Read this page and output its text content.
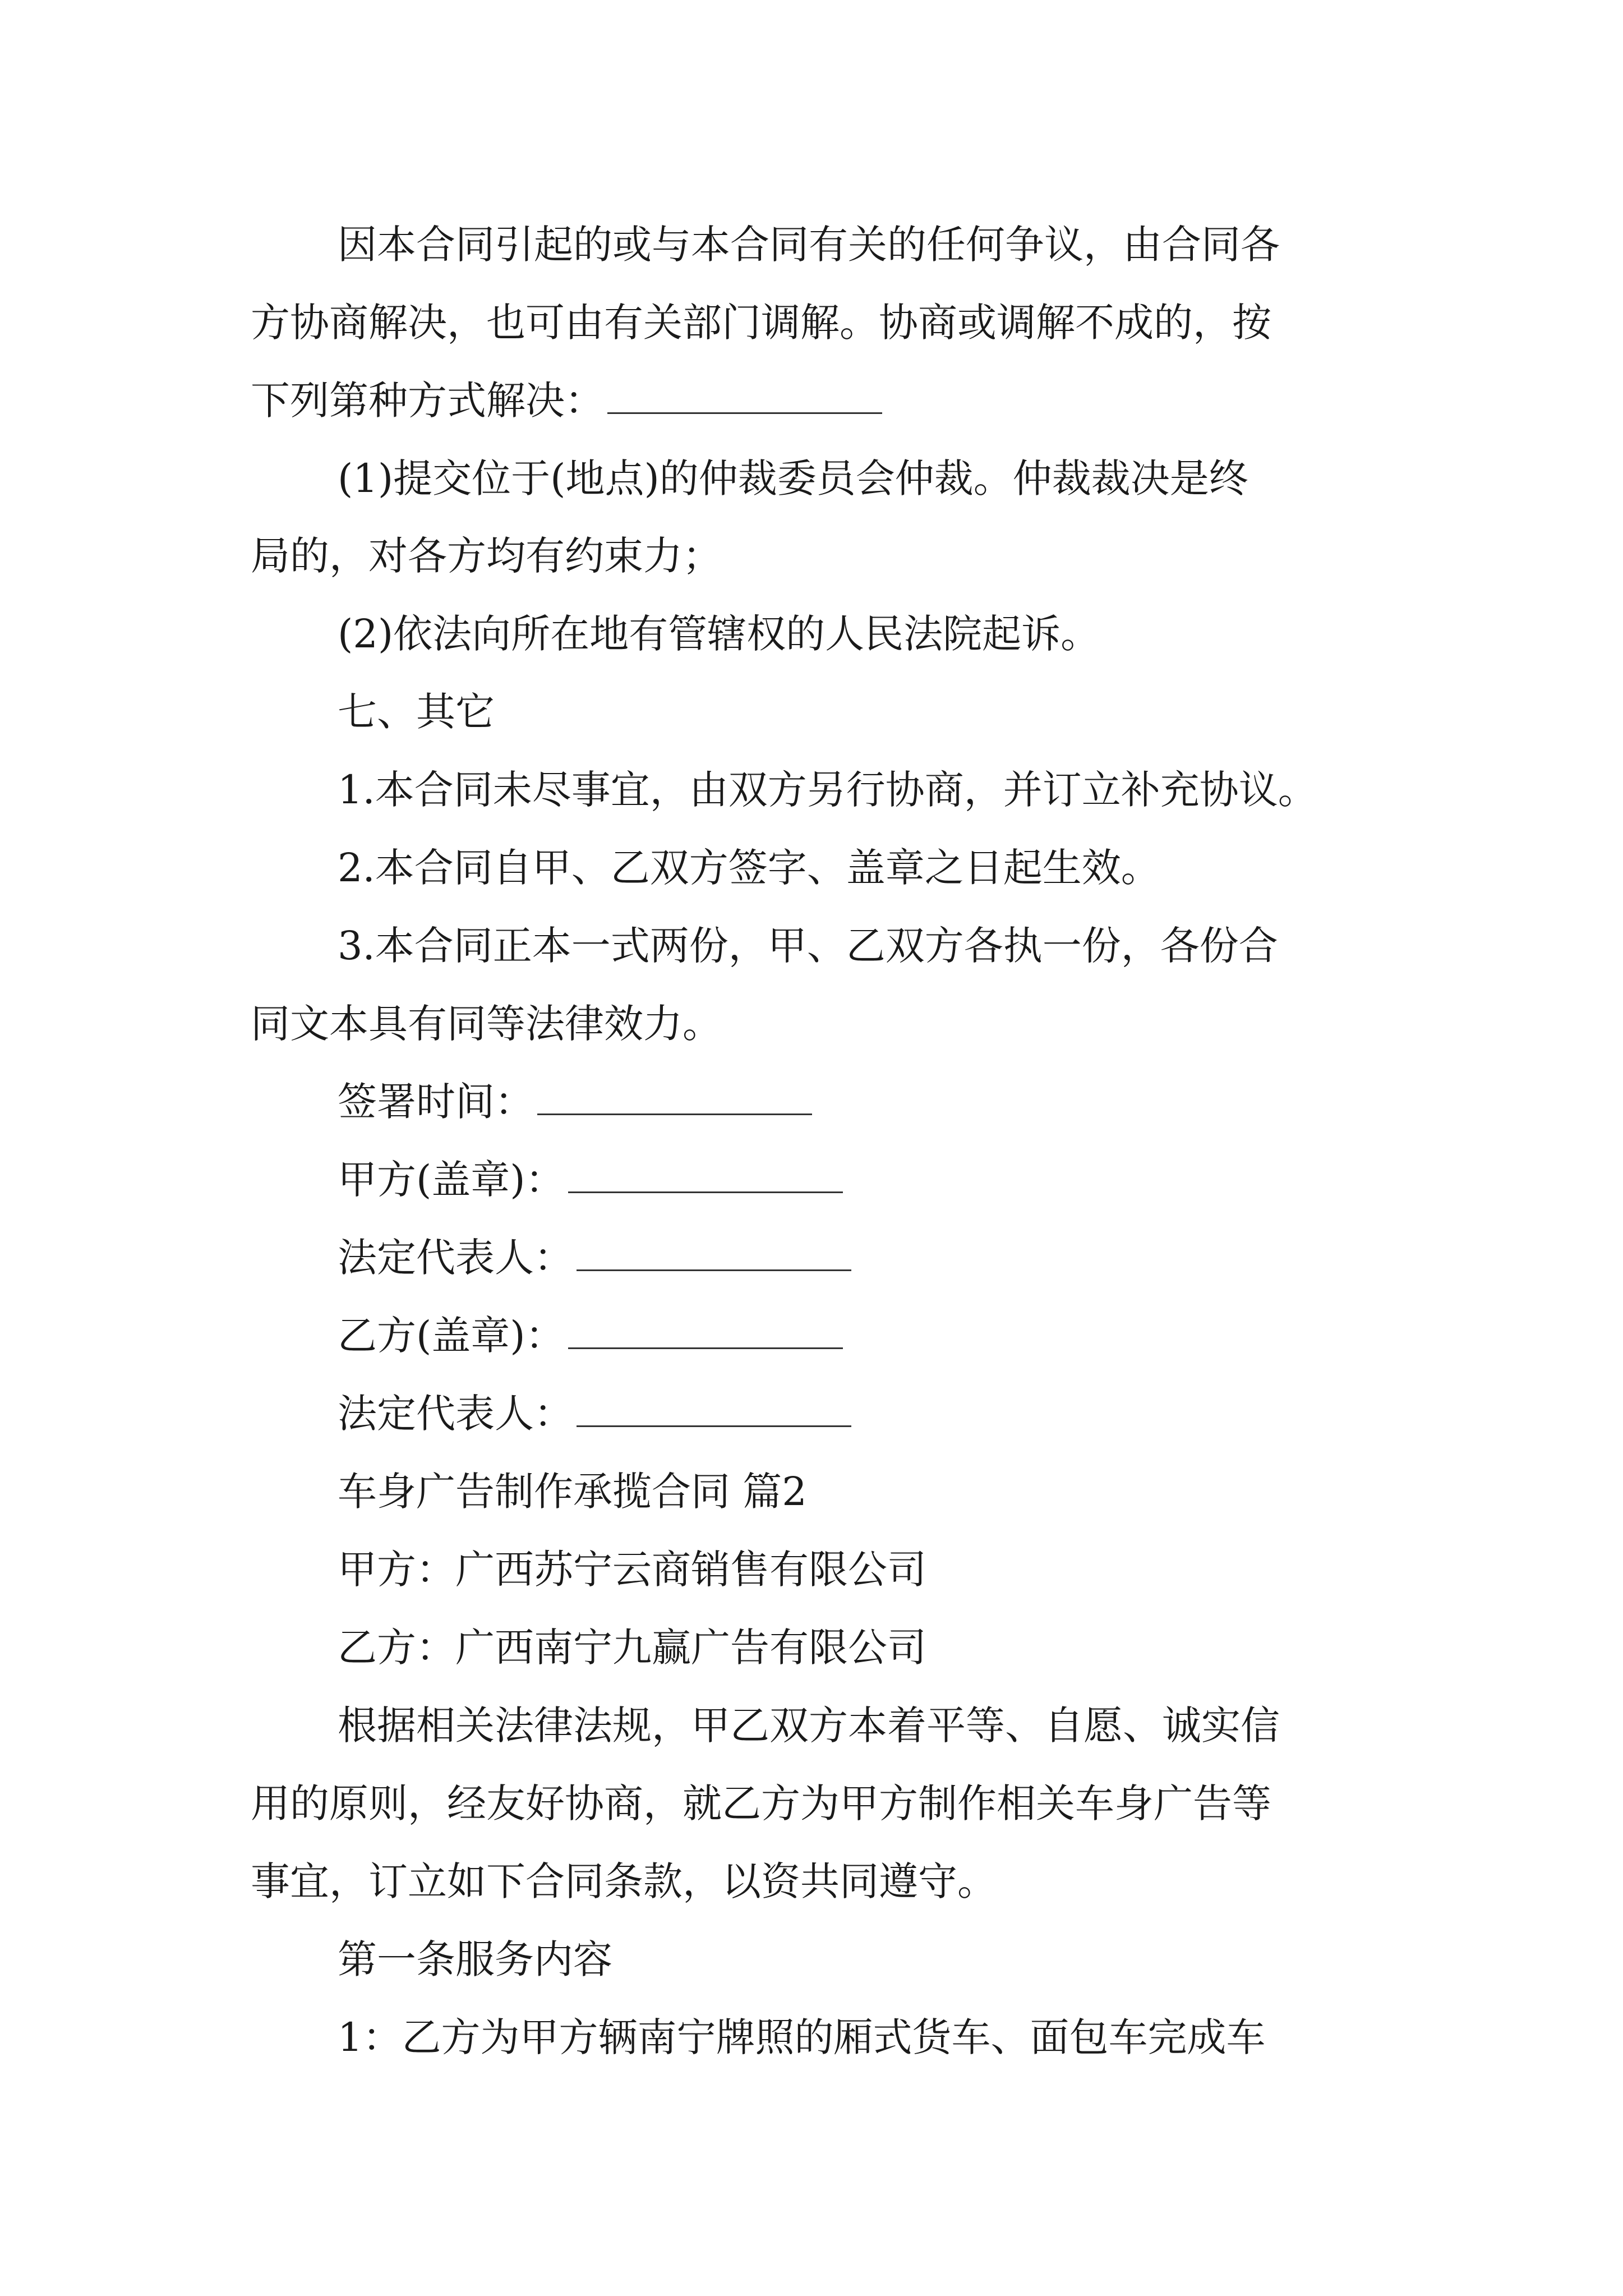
因本合同引起的或与本合同有关的任何争议，由合同各
方协商解决，也可由有关部门调解。协商或调解不成的，按
下列第种方式解决：
(1)提交位于(地点)的仲裁委员会仲裁。仲裁裁决是终
局的，对各方均有约束力；
(2)依法向所在地有管辖权的人民法院起诉。
七、其它
1.本合同未尽事宜，由双方另行协商，并订立补充协议。
2.本合同自甲、乙双方签字、盖章之日起生效。
3.本合同正本一式两份，甲、乙双方各执一份，各份合
同文本具有同等法律效力。
签署时间：
甲方(盖章)：
法定代表人：
乙方(盖章)：
法定代表人：
车身广告制作承揽合同 篇2
甲方：广西苏宁云商销售有限公司
乙方：广西南宁九赢广告有限公司
根据相关法律法规，甲乙双方本着平等、自愿、诚实信
用的原则，经友好协商，就乙方为甲方制作相关车身广告等
事宜，订立如下合同条款，以资共同遵守。
第一条服务内容
1：乙方为甲方辆南宁牌照的厢式货车、面包车完成车
